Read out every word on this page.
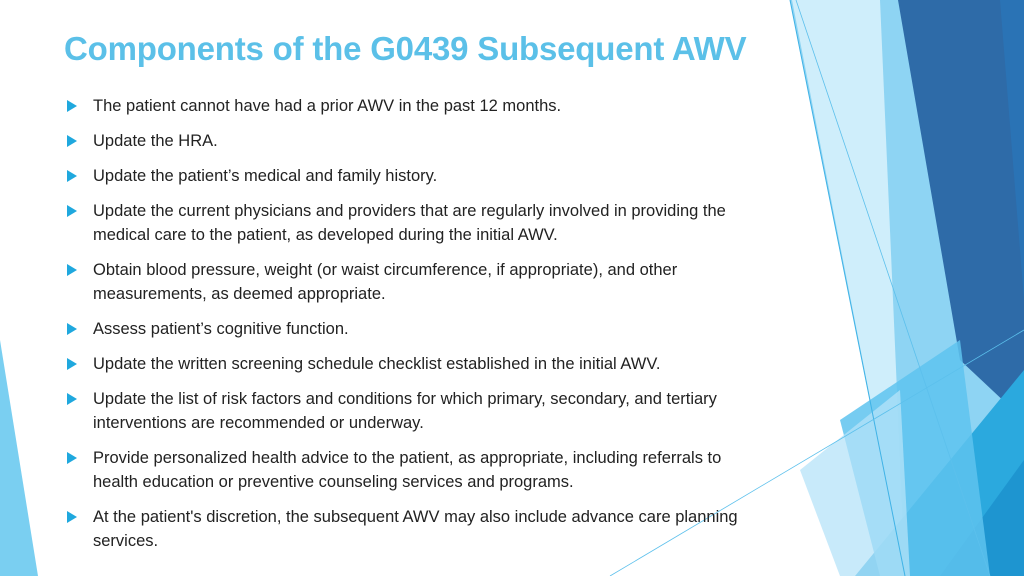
Components of the G0439 Subsequent AWV
The patient cannot have had a prior AWV in the past 12 months.
Update the HRA.
Update the patient’s medical and family history.
Update the current physicians and providers that are regularly involved in providing the medical care to the patient, as developed during the initial AWV.
Obtain blood pressure, weight (or waist circumference, if appropriate), and other measurements, as deemed appropriate.
Assess patient’s cognitive function.
Update the written screening schedule checklist established in the initial AWV.
Update the list of risk factors and conditions for which primary, secondary, and tertiary interventions are recommended or underway.
Provide personalized health advice to the patient, as appropriate, including referrals to health education or preventive counseling services and programs.
At the patient's discretion, the subsequent AWV may also include advance care planning services.
